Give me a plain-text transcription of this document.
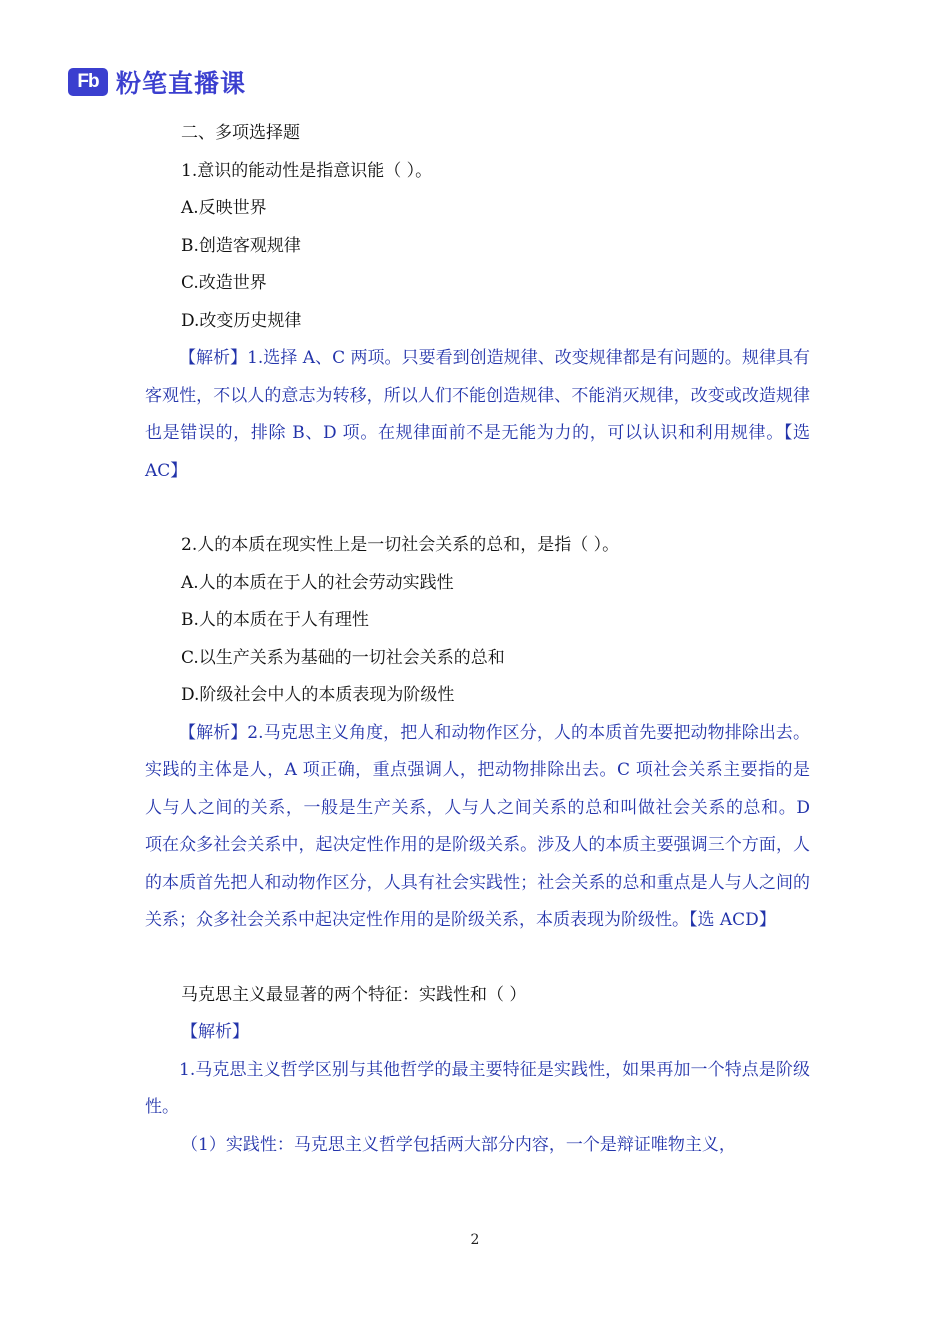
Fb 粉笔直播课
二、多项选择题
1.意识的能动性是指意识能（ ）。
A.反映世界
B.创造客观规律
C.改造世界
D.改变历史规律
【解析】1.选择 A、C 两项。只要看到创造规律、改变规律都是有问题的。规律具有客观性，不以人的意志为转移，所以人们不能创造规律、不能消灭规律，改变或改造规律也是错误的，排除 B、D 项。在规律面前不是无能为力的，可以认识和利用规律。【选 AC】
2.人的本质在现实性上是一切社会关系的总和，是指（ ）。
A.人的本质在于人的社会劳动实践性
B.人的本质在于人有理性
C.以生产关系为基础的一切社会关系的总和
D.阶级社会中人的本质表现为阶级性
【解析】2.马克思主义角度，把人和动物作区分，人的本质首先要把动物排除出去。实践的主体是人，A 项正确，重点强调人，把动物排除出去。C 项社会关系主要指的是人与人之间的关系，一般是生产关系，人与人之间关系的总和叫做社会关系的总和。D 项在众多社会关系中，起决定性作用的是阶级关系。涉及人的本质主要强调三个方面，人的本质首先把人和动物作区分，人具有社会实践性；社会关系的总和重点是人与人之间的关系；众多社会关系中起决定性作用的是阶级关系，本质表现为阶级性。【选 ACD】
马克思主义最显著的两个特征：实践性和（ ）
【解析】
1.马克思主义哲学区别与其他哲学的最主要特征是实践性，如果再加一个特点是阶级性。
（1）实践性：马克思主义哲学包括两大部分内容，一个是辩证唯物主义，
2
